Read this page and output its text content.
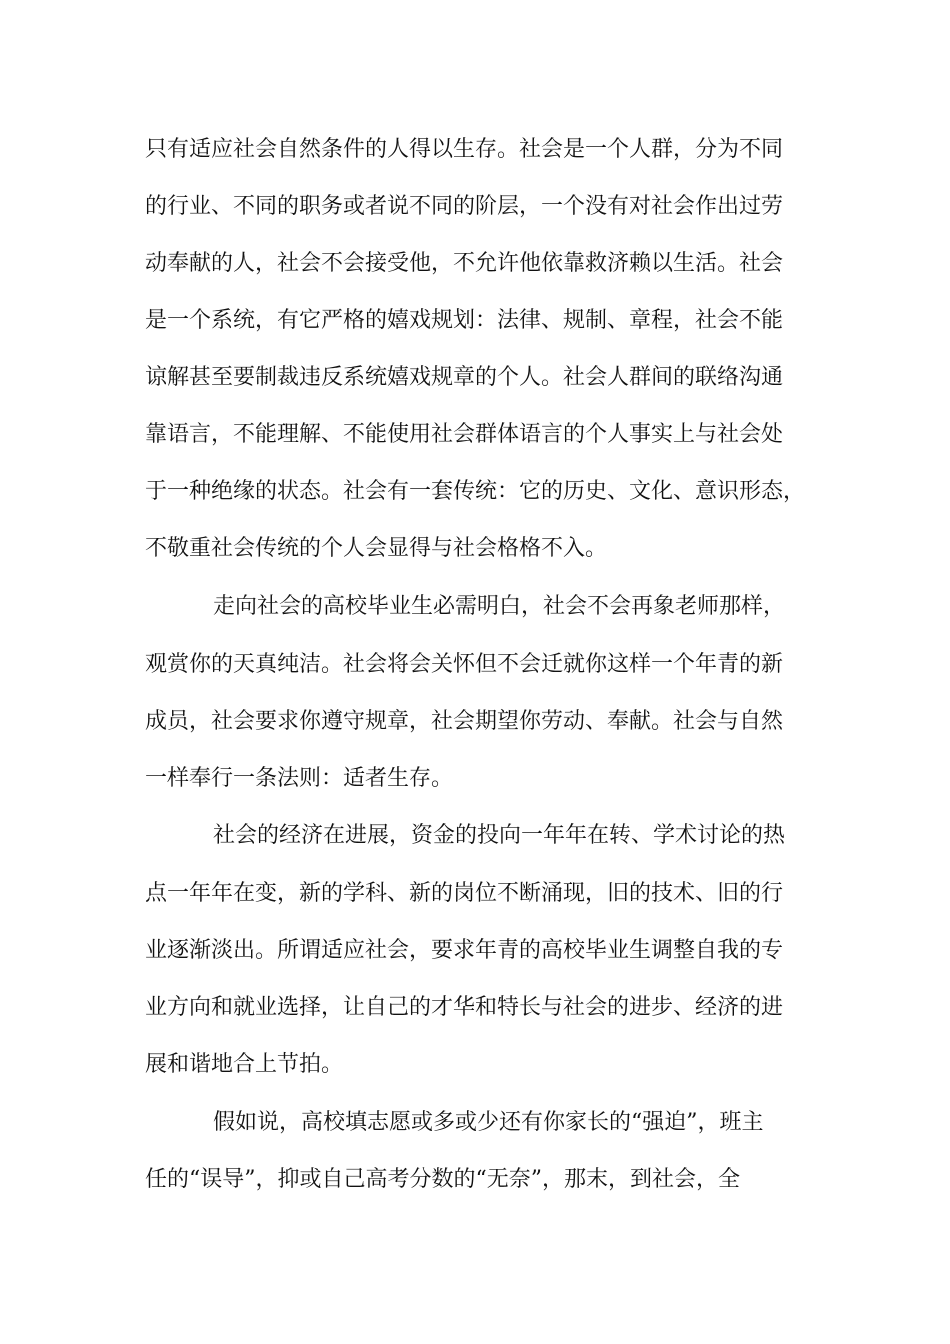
只有适应社会自然条件的人得以生存。社会是一个人群，分为不同
的行业、不同的职务或者说不同的阶层，一个没有对社会作出过劳
动奉献的人，社会不会接受他，不允许他依靠救济赖以生活。社会
是一个系统，有它严格的嬉戏规划：法律、规制、章程，社会不能
谅解甚至要制裁违反系统嬉戏规章的个人。社会人群间的联络沟通
靠语言，不能理解、不能使用社会群体语言的个人事实上与社会处
于一种绝缘的状态。社会有一套传统：它的历史、文化、意识形态，
不敬重社会传统的个人会显得与社会格格不入。
走向社会的高校毕业生必需明白，社会不会再象老师那样，
观赏你的天真纯洁。社会将会关怀但不会迁就你这样一个年青的新
成员，社会要求你遵守规章，社会期望你劳动、奉献。社会与自然
一样奉行一条法则：适者生存。
社会的经济在进展，资金的投向一年年在转、学术讨论的热
点一年年在变，新的学科、新的岗位不断涌现，旧的技术、旧的行
业逐渐淡出。所谓适应社会，要求年青的高校毕业生调整自我的专
业方向和就业选择，让自己的才华和特长与社会的进步、经济的进
展和谐地合上节拍。
假如说，高校填志愿或多或少还有你家长的“强迫”，班主
任的“误导”，抑或自己高考分数的“无奈”，那末，到社会，全
